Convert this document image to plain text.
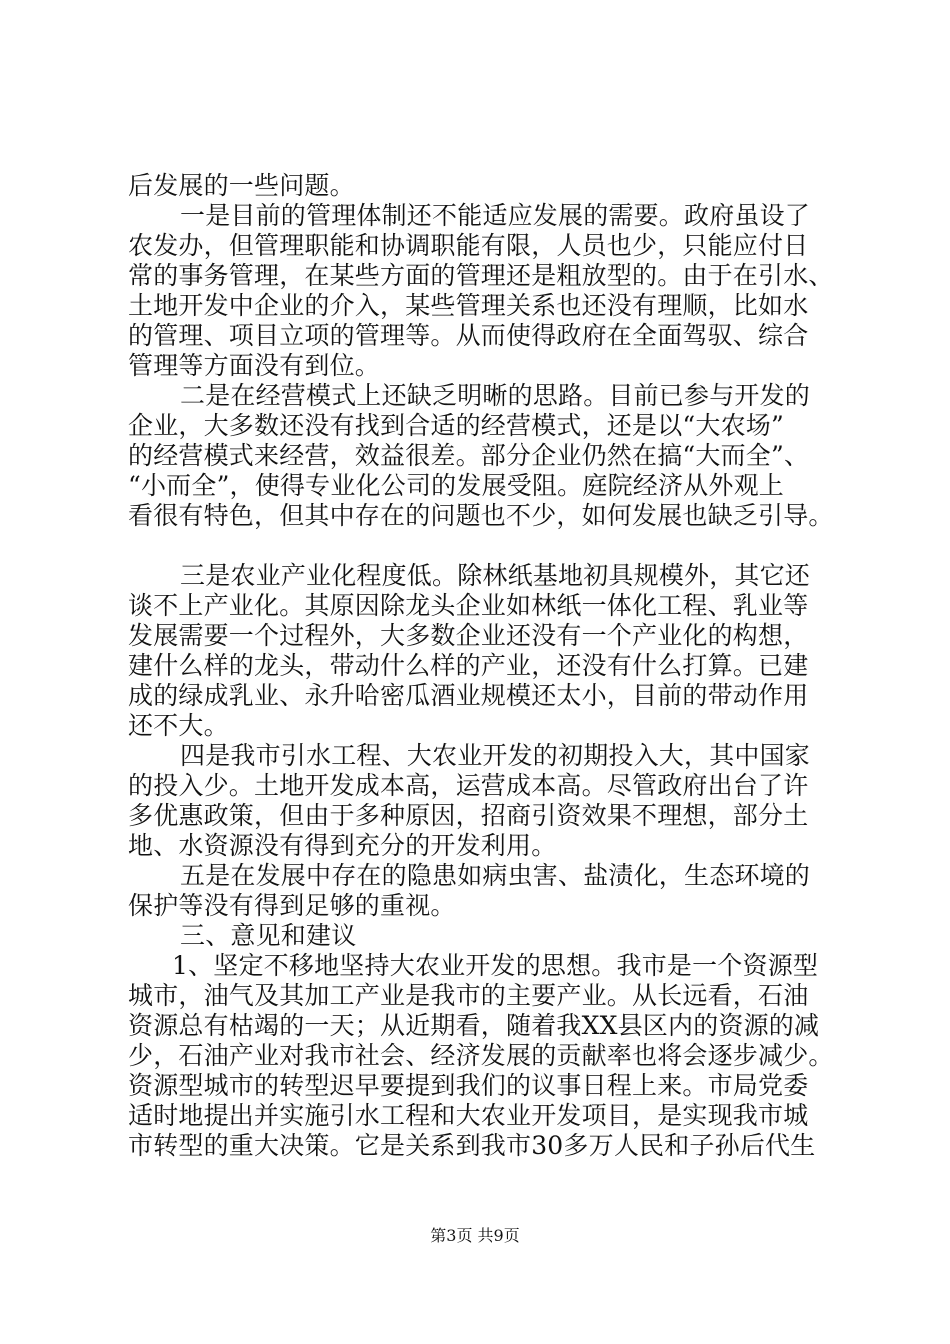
后发展的一些问题。
一是目前的管理体制还不能适应发展的需要。政府虽设了
农发办，但管理职能和协调职能有限，人员也少，只能应付日
常的事务管理，在某些方面的管理还是粗放型的。由于在引水、
土地开发中企业的介入，某些管理关系也还没有理顺，比如水
的管理、项目立项的管理等。从而使得政府在全面驾驭、综合
管理等方面没有到位。
二是在经营模式上还缺乏明晰的思路。目前已参与开发的
企业，大多数还没有找到合适的经营模式，还是以“大农场”
的经营模式来经营，效益很差。部分企业仍然在搞“大而全”、
“小而全”，使得专业化公司的发展受阻。庭院经济从外观上
看很有特色，但其中存在的问题也不少，如何发展也缺乏引导。
三是农业产业化程度低。除林纸基地初具规模外，其它还
谈不上产业化。其原因除龙头企业如林纸一体化工程、乳业等
发展需要一个过程外，大多数企业还没有一个产业化的构想，
建什么样的龙头，带动什么样的产业，还没有什么打算。已建
成的绿成乳业、永升哈密瓜酒业规模还太小，目前的带动作用
还不大。
四是我市引水工程、大农业开发的初期投入大，其中国家
的投入少。土地开发成本高，运营成本高。尽管政府出台了许
多优惠政策，但由于多种原因，招商引资效果不理想，部分土
地、水资源没有得到充分的开发利用。
五是在发展中存在的隐患如病虫害、盐渍化，生态环境的
保护等没有得到足够的重视。
三、意见和建议
1、坚定不移地坚持大农业开发的思想。我市是一个资源型
城市，油气及其加工产业是我市的主要产业。从长远看，石油
资源总有枯竭的一天；从近期看，随着我XX县区内的资源的减
少，石油产业对我市社会、经济发展的贡献率也将会逐步减少。
资源型城市的转型迟早要提到我们的议事日程上来。市局党委
适时地提出并实施引水工程和大农业开发项目，是实现我市城
市转型的重大决策。它是关系到我市30多万人民和子孙后代生
第3页 共9页
